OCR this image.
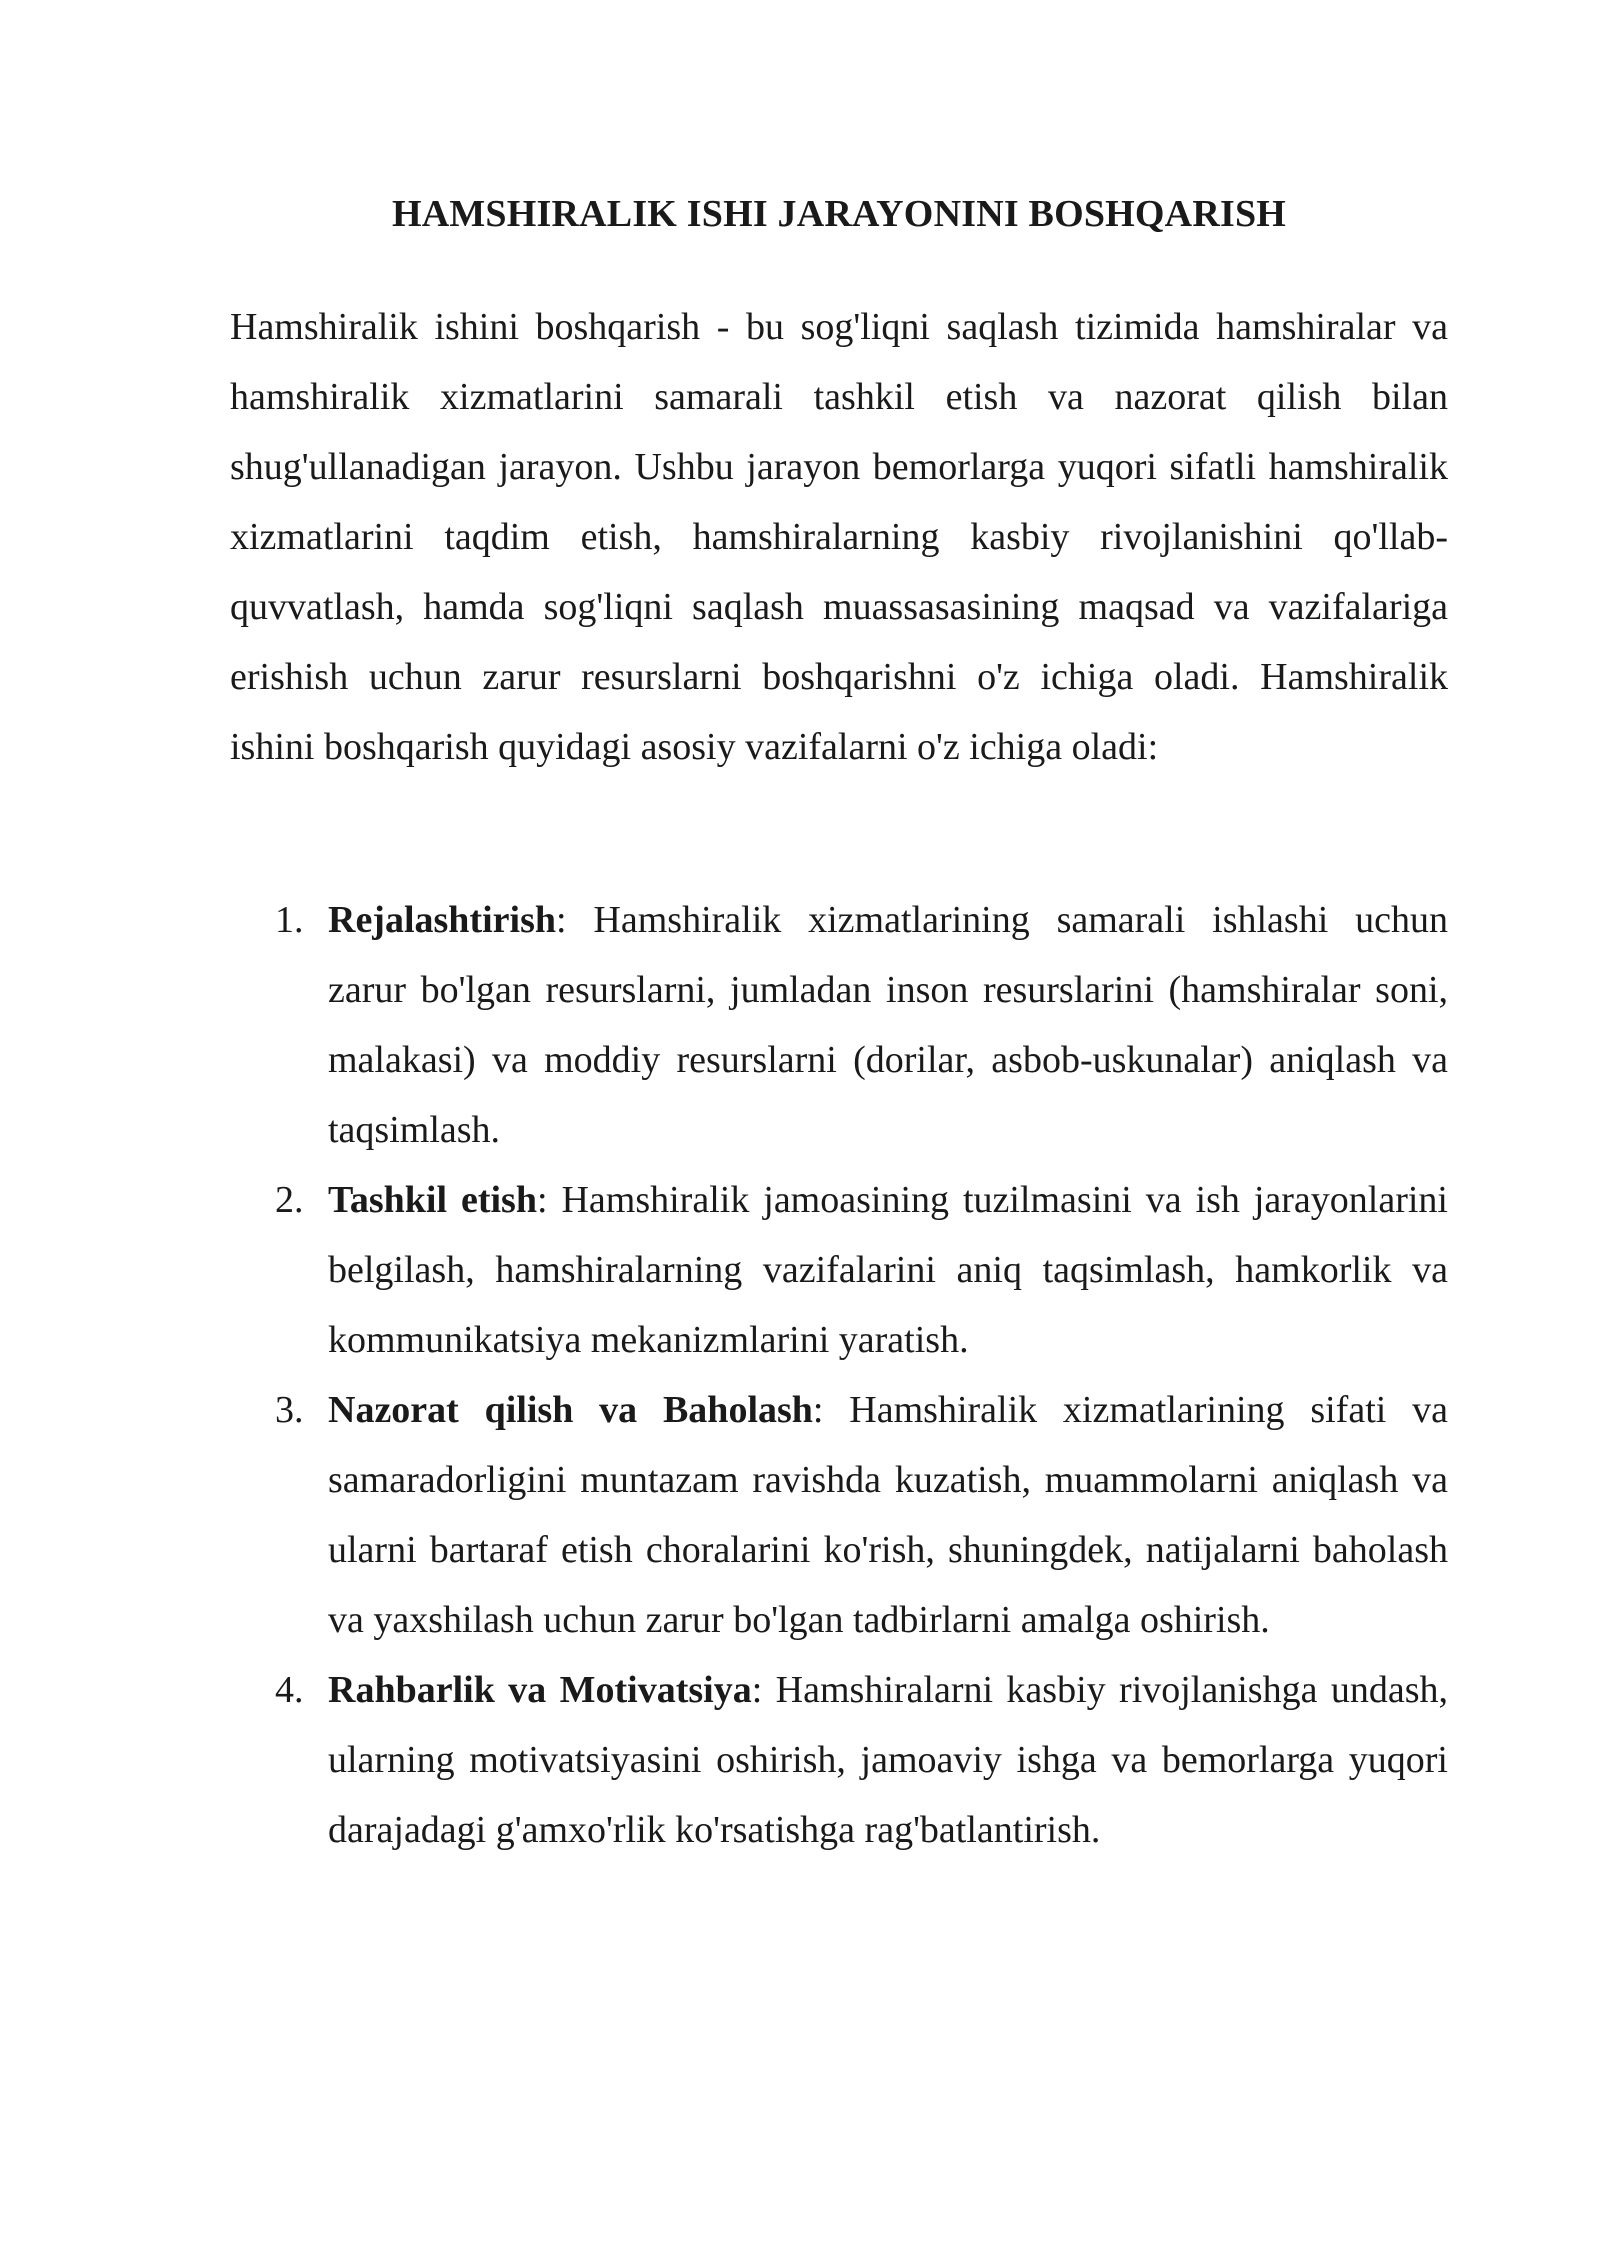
HAMSHIRALIK ISHI JARAYONINI BOSHQARISH

Hamshiralik ishini boshqarish - bu sog'liqni saqlash tizimida hamshiralar va hamshiralik xizmatlarini samarali tashkil etish va nazorat qilish bilan shug'ullanadigan jarayon. Ushbu jarayon bemorlarga yuqori sifatli hamshiralik xizmatlarini taqdim etish, hamshiralarning kasbiy rivojlanishini qo'llab-quvvatlash, hamda sog'liqni saqlash muassasasining maqsad va vazifalariga erishish uchun zarur resurslarni boshqarishni o'z ichiga oladi. Hamshiralik ishini boshqarish quyidagi asosiy vazifalarni o'z ichiga oladi:

1. Rejalashtirish: Hamshiralik xizmatlarining samarali ishlashi uchun zarur bo'lgan resurslarni, jumladan inson resurslarini (hamshiralar soni, malakasi) va moddiy resurslarni (dorilar, asbob-uskunalar) aniqlash va taqsimlash.
2. Tashkil etish: Hamshiralik jamoasining tuzilmasini va ish jarayonlarini belgilash, hamshiralarning vazifalarini aniq taqsimlash, hamkorlik va kommunikatsiya mekanizmlarini yaratish.
3. Nazorat qilish va Baholash: Hamshiralik xizmatlarining sifati va samaradorligini muntazam ravishda kuzatish, muammolarni aniqlash va ularni bartaraf etish choralarini ko'rish, shuningdek, natijalarni baholash va yaxshilash uchun zarur bo'lgan tadbirlarni amalga oshirish.
4. Rahbarlik va Motivatsiya: Hamshiralarni kasbiy rivojlanishga undash, ularning motivatsiyasini oshirish, jamoaviy ishga va bemorlarga yuqori darajadagi g'amxo'rlik ko'rsatishga rag'batlantirish.
